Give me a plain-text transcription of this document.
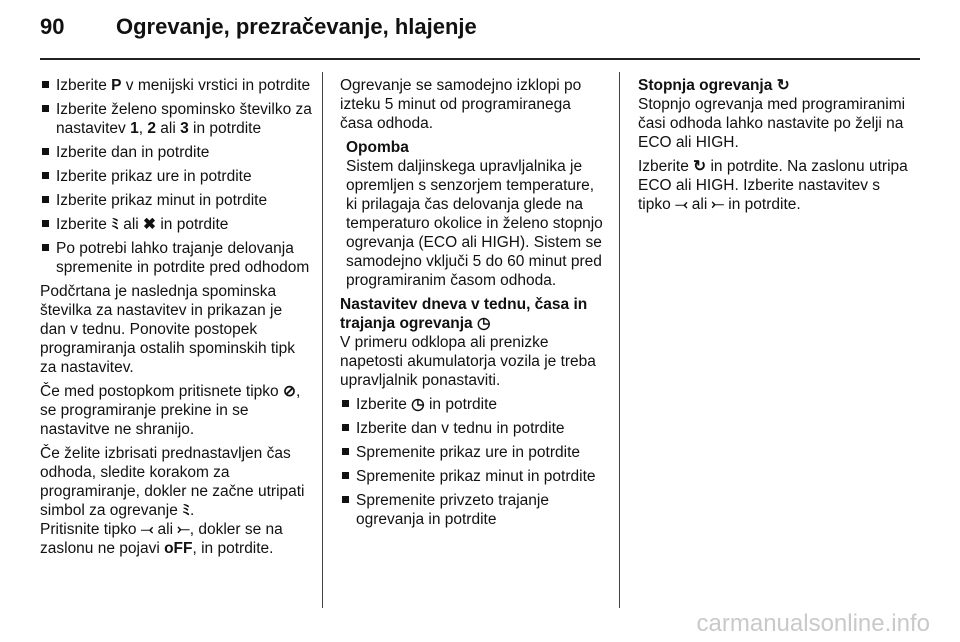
90	Ogrevanje, prezračevanje, hlajenje
Izberite P v menijski vrstici in potrdite
Izberite želeno spominsko številko za nastavitev 1, 2 ali 3 in potrdite
Izberite dan in potrdite
Izberite prikaz ure in potrdite
Izberite prikaz minut in potrdite
Izberite ﾐ ali ✖ in potrdite
Po potrebi lahko trajanje delovanja spremenite in potrdite pred odhodom

Podčrtana je naslednja spominska številka za nastavitev in prikazan je dan v tednu. Ponovite postopek programiranja ostalih spominskih tipk za nastavitev.

Če med postopkom pritisnete tipko ⊘, se programiranje prekine in se nastavitve ne shranijo.

Če želite izbrisati prednastavljen čas odhoda, sledite korakom za programiranje, dokler ne začne utripati simbol za ogrevanje ﾐ.

Pritisnite tipko ⤙ ali ⤚, dokler se na zaslonu ne pojavi oFF, in potrdite.

Ogrevanje se samodejno izklopi po izteku 5 minut od programiranega časa odhoda.

Opomba
Sistem daljinskega upravljalnika je opremljen s senzorjem temperature, ki prilagaja čas delovanja glede na temperaturo okolice in želeno stopnjo ogrevanja (ECO ali HIGH). Sistem se samodejno vključi 5 do 60 minut pred programiranim časom odhoda.

Nastavitev dneva v tednu, časa in trajanja ogrevanja ◷

V primeru odklopa ali prenizke napetosti akumulatorja vozila je treba upravljalnik ponastaviti.

Izberite ◷ in potrdite
Izberite dan v tednu in potrdite
Spremenite prikaz ure in potrdite
Spremenite prikaz minut in potrdite
Spremenite privzeto trajanje ogrevanja in potrdite

Stopnja ogrevanja ↻

Stopnjo ogrevanja med programiranimi časi odhoda lahko nastavite po želji na ECO ali HIGH.

Izberite ↻ in potrdite. Na zaslonu utripa ECO ali HIGH. Izberite nastavitev s tipko ⤙ ali ⤚ in potrdite.

carmanualsonline.info
